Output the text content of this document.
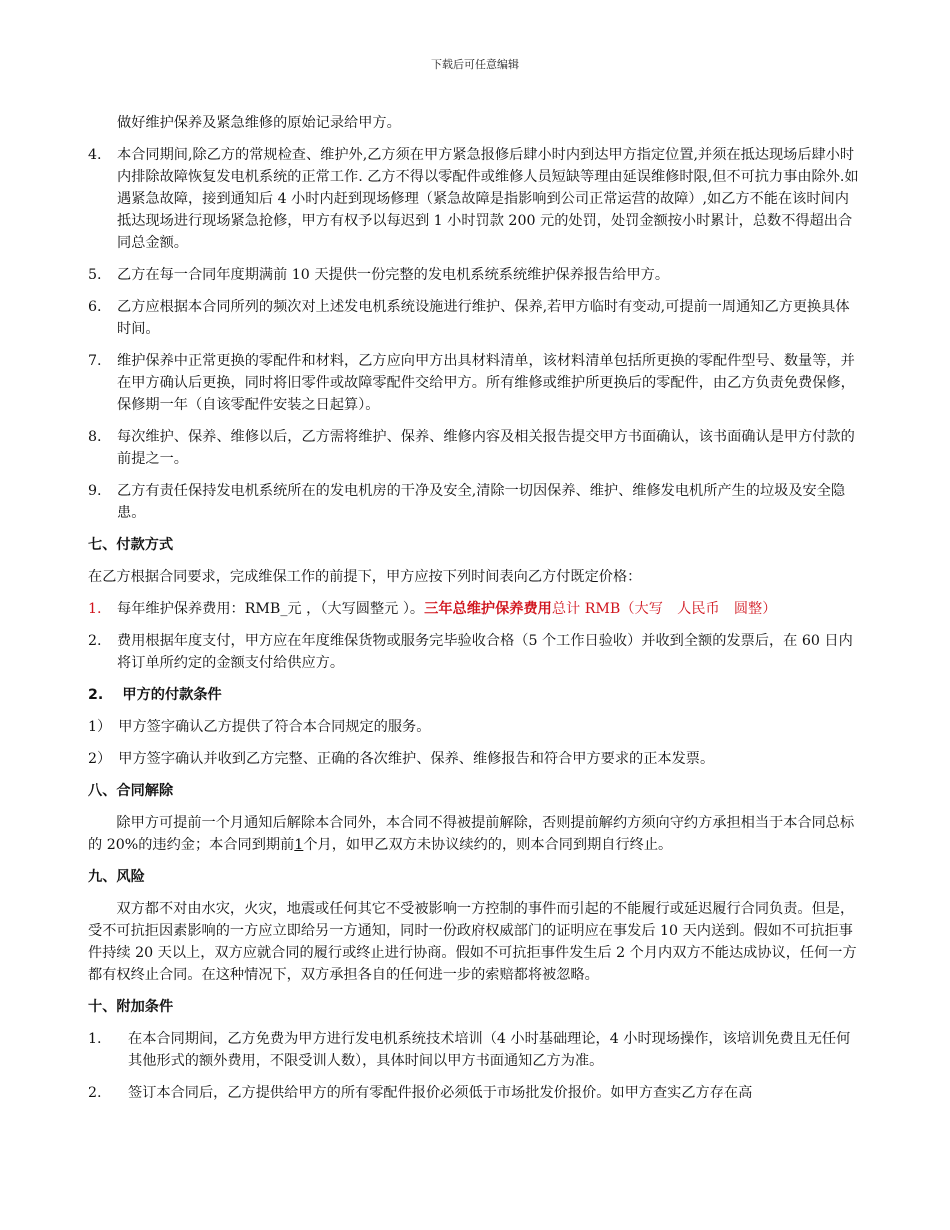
下载后可任意编辑
做好维护保养及紧急维修的原始记录给甲方。
4.	本合同期间,除乙方的常规检查、维护外,乙方须在甲方紧急报修后肆小时内到达甲方指定位置,并须在抵达现场后肆小时内排除故障恢复发电机系统的正常工作. 乙方不得以零配件或维修人员短缺等理由延误维修时限,但不可抗力事由除外.如遇紧急故障，接到通知后 4 小时内赶到现场修理（紧急故障是指影响到公司正常运营的故障）,如乙方不能在该时间内抵达现场进行现场紧急抢修，甲方有权予以每迟到 1 小时罚款 200 元的处罚，处罚金额按小时累计，总数不得超出合同总金额。
5.	乙方在每一合同年度期满前 10 天提供一份完整的发电机系统系统维护保养报告给甲方。
6.	乙方应根据本合同所列的频次对上述发电机系统设施进行维护、保养,若甲方临时有变动,可提前一周通知乙方更换具体时间。
7.	维护保养中正常更换的零配件和材料，乙方应向甲方出具材料清单，该材料清单包括所更换的零配件型号、数量等，并在甲方确认后更换，同时将旧零件或故障零配件交给甲方。所有维修或维护所更换后的零配件，由乙方负责免费保修，保修期一年（自该零配件安装之日起算）。
8.	每次维护、保养、维修以后，乙方需将维护、保养、维修内容及相关报告提交甲方书面确认，该书面确认是甲方付款的前提之一。
9.	乙方有责任保持发电机系统所在的发电机房的干净及安全,清除一切因保养、维护、维修发电机所产生的垃圾及安全隐患。
七、付款方式
在乙方根据合同要求，完成维保工作的前提下，甲方应按下列时间表向乙方付既定价格：
1.	每年维护保养费用：RMB_元 ，（大写圆整元 ）。三年总维护保养费用总计 RMB（大写　人民币　圆整）
2.	费用根据年度支付，甲方应在年度维保货物或服务完毕验收合格（5 个工作日验收）并收到全额的发票后，在 60 日内将订单所约定的金额支付给供应方。
2.　 甲方的付款条件
1）　甲方签字确认乙方提供了符合本合同规定的服务。
2）　甲方签字确认并收到乙方完整、正确的各次维护、保养、维修报告和符合甲方要求的正本发票。
八、合同解除
除甲方可提前一个月通知后解除本合同外，本合同不得被提前解除，否则提前解约方须向守约方承担相当于本合同总标的 20%的违约金；本合同到期前1个月，如甲乙双方未协议续约的，则本合同到期自行终止。
九、风险
双方都不对由水灾，火灾，地震或任何其它不受被影响一方控制的事件而引起的不能履行或延迟履行合同负责。但是，受不可抗拒因素影响的一方应立即给另一方通知，同时一份政府权威部门的证明应在事发后 10 天内送到。假如不可抗拒事件持续 20 天以上，双方应就合同的履行或终止进行协商。假如不可抗拒事件发生后 2 个月内双方不能达成协议，任何一方都有权终止合同。在这种情况下，双方承担各自的任何进一步的索赔都将被忽略。
十、附加条件
1.	在本合同期间，乙方免费为甲方进行发电机系统技术培训（4 小时基础理论，4 小时现场操作，该培训免费且无任何其他形式的额外费用，不限受训人数），具体时间以甲方书面通知乙方为准。
2.	签订本合同后，乙方提供给甲方的所有零配件报价必须低于市场批发价报价。如甲方查实乙方存在高
